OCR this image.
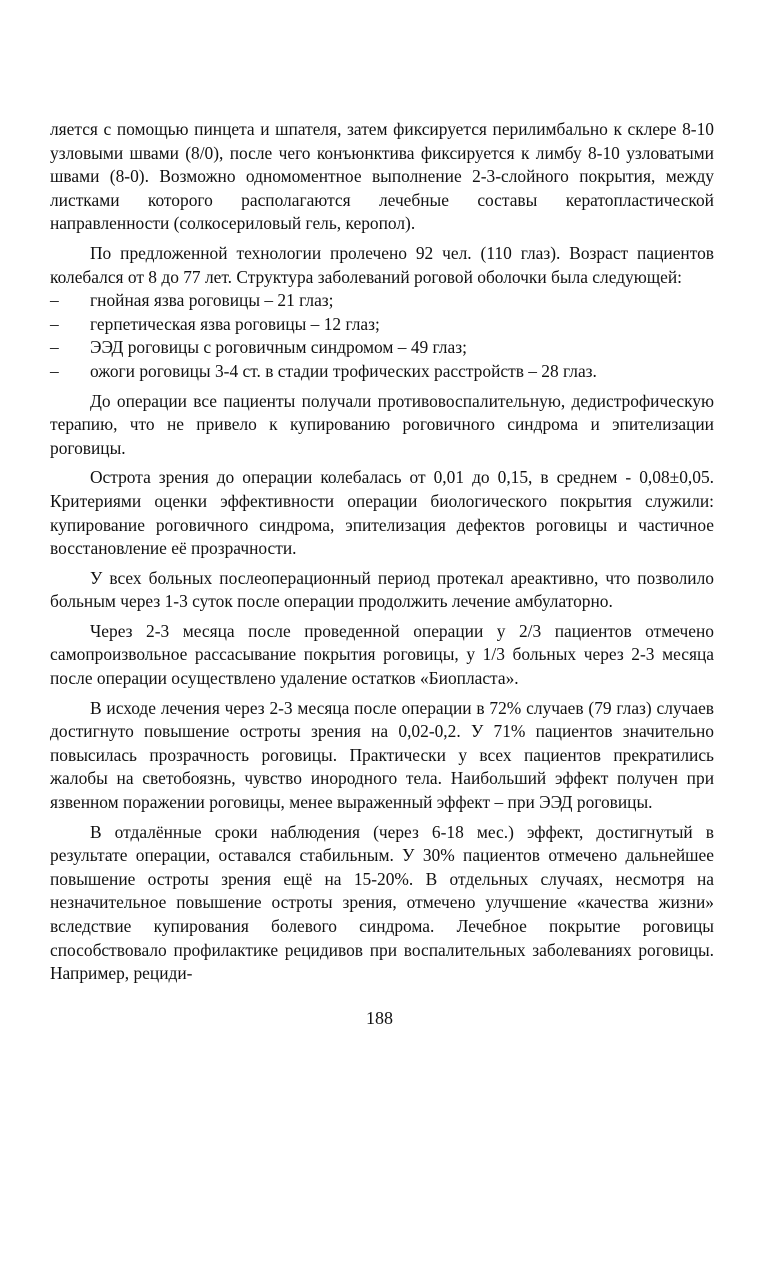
ляется с помощью пинцета и шпателя, затем фиксируется перилимбально к склере 8-10 узловыми швами (8/0), после чего конъюнктива фиксируется к лимбу 8-10 узловатыми швами (8-0). Возможно одномоментное выполнение 2-3-слойного покрытия, между листками которого располагаются лечебные составы кератопластической направленности (солкосериловый гель, керопол).

По предложенной технологии пролечено 92 чел. (110 глаз). Возраст пациентов колебался от 8 до 77 лет. Структура заболеваний роговой оболочки была следующей:

– гнойная язва роговицы – 21 глаз;
– герпетическая язва роговицы – 12 глаз;
– ЭЭД роговицы с роговичным синдромом – 49 глаз;
– ожоги роговицы 3-4 ст. в стадии трофических расстройств – 28 глаз.

До операции все пациенты получали противовоспалительную, дедистрофическую терапию, что не привело к купированию роговичного синдрома и эпителизации роговицы.

Острота зрения до операции колебалась от 0,01 до 0,15, в среднем - 0,08±0,05. Критериями оценки эффективности операции биологического покрытия служили: купирование роговичного синдрома, эпителизация дефектов роговицы и частичное восстановление её прозрачности.

У всех больных послеоперационный период протекал ареактивно, что позволило больным через 1-3 суток после операции продолжить лечение амбулаторно.

Через 2-3 месяца после проведенной операции у 2/3 пациентов отмечено самопроизвольное рассасывание покрытия роговицы, у 1/3 больных через 2-3 месяца после операции осуществлено удаление остатков «Биопласта».

В исходе лечения через 2-3 месяца после операции в 72% случаев (79 глаз) случаев достигнуто повышение остроты зрения на 0,02-0,2. У 71% пациентов значительно повысилась прозрачность роговицы. Практически у всех пациентов прекратились жалобы на светобоязнь, чувство инородного тела. Наибольший эффект получен при язвенном поражении роговицы, менее выраженный эффект – при ЭЭД роговицы.

В отдалённые сроки наблюдения (через 6-18 мес.) эффект, достигнутый в результате операции, оставался стабильным. У 30% пациентов отмечено дальнейшее повышение остроты зрения ещё на 15-20%. В отдельных случаях, несмотря на незначительное повышение остроты зрения, отмечено улучшение «качества жизни» вследствие купирования болевого синдрома. Лечебное покрытие роговицы способствовало профилактике рецидивов при воспалительных заболеваниях роговицы. Например, рециди-

188
